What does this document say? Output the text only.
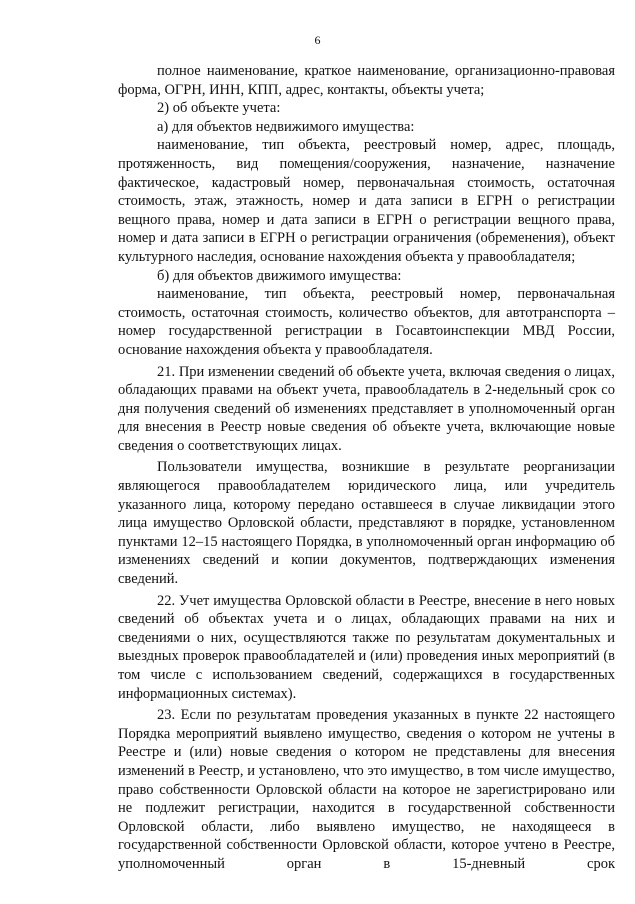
6

полное наименование, краткое наименование, организационно-правовая форма, ОГРН, ИНН, КПП, адрес, контакты, объекты учета;

2) об объекте учета:

а) для объектов недвижимого имущества:

наименование, тип объекта, реестровый номер, адрес, площадь, протяженность, вид помещения/сооружения, назначение, назначение фактическое, кадастровый номер, первоначальная стоимость, остаточная стоимость, этаж, этажность, номер и дата записи в ЕГРН о регистрации вещного права, номер и дата записи в ЕГРН о регистрации вещного права, номер и дата записи в ЕГРН о регистрации ограничения (обременения), объект культурного наследия, основание нахождения объекта у правообладателя;

б) для объектов движимого имущества:

наименование, тип объекта, реестровый номер, первоначальная стоимость, остаточная стоимость, количество объектов, для автотранспорта – номер государственной регистрации в Госавтоинспекции МВД России, основание нахождения объекта у правообладателя.

21. При изменении сведений об объекте учета, включая сведения о лицах, обладающих правами на объект учета, правообладатель в 2-недельный срок со дня получения сведений об изменениях представляет в уполномоченный орган для внесения в Реестр новые сведения об объекте учета, включающие новые сведения о соответствующих лицах.

Пользователи имущества, возникшие в результате реорганизации являющегося правообладателем юридического лица, или учредитель указанного лица, которому передано оставшееся в случае ликвидации этого лица имущество Орловской области, представляют в порядке, установленном пунктами 12–15 настоящего Порядка, в уполномоченный орган информацию об изменениях сведений и копии документов, подтверждающих изменения сведений.

22. Учет имущества Орловской области в Реестре, внесение в него новых сведений об объектах учета и о лицах, обладающих правами на них и сведениями о них, осуществляются также по результатам документальных и выездных проверок правообладателей и (или) проведения иных мероприятий (в том числе с использованием сведений, содержащихся в государственных информационных системах).

23. Если по результатам проведения указанных в пункте 22 настоящего Порядка мероприятий выявлено имущество, сведения о котором не учтены в Реестре и (или) новые сведения о котором не представлены для внесения изменений в Реестр, и установлено, что это имущество, в том числе имущество, право собственности Орловской области на которое не зарегистрировано или не подлежит регистрации, находится в государственной собственности Орловской области, либо выявлено имущество, не находящееся в государственной собственности Орловской области, которое учтено в Реестре, уполномоченный орган в 15-дневный срок
